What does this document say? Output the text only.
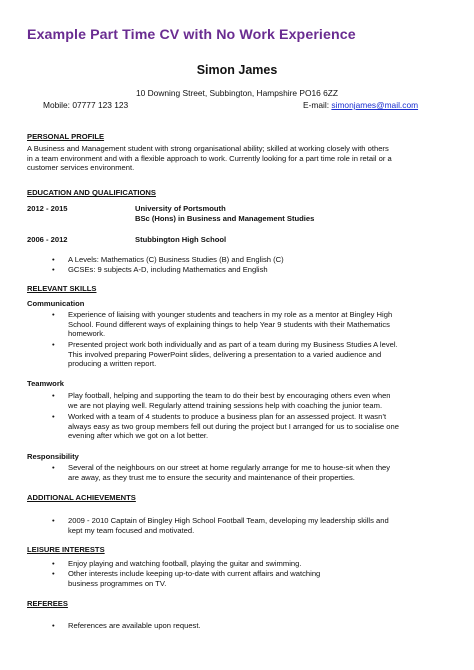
Example Part Time CV with No Work Experience
Simon James
10 Downing Street, Subbington, Hampshire PO16 6ZZ
Mobile: 07777 123 123	E-mail: simonjames@mail.com
PERSONAL PROFILE
A Business and Management student with strong organisational ability; skilled at working closely with others
in a team environment and with a flexible approach to work. Currently looking for a part time role in retail or a
customer services environment.
EDUCATION AND QUALIFICATIONS
2012 - 2015	University of Portsmouth
BSc (Hons) in Business and Management Studies
2006 - 2012	Stubbington High School
• A Levels: Mathematics (C) Business Studies (B) and English (C)
• GCSEs: 9 subjects A-D, including Mathematics and English
RELEVANT SKILLS
Communication
• Experience of liaising with younger students and teachers in my role as a mentor at Bingley High
School. Found different ways of explaining things to help Year 9 students with their Mathematics
homework.
• Presented project work both individually and as part of a team during my Business Studies A level.
This involved preparing PowerPoint slides, delivering a presentation to a varied audience and
producing a written report.
Teamwork
• Play football, helping and supporting the team to do their best by encouraging others even when
we are not playing well. Regularly attend training sessions help with coaching the junior team.
• Worked with a team of 4 students to produce a business plan for an assessed project. It wasn’t
always easy as two group members fell out during the project but I arranged for us to socialise one
evening after which we got on a lot better.
Responsibility
• Several of the neighbours on our street at home regularly arrange for me to house-sit when they
are away, as they trust me to ensure the security and maintenance of their properties.
ADDITIONAL ACHIEVEMENTS
• 2009 - 2010 Captain of Bingley High School Football Team, developing my leadership skills and
kept my team focused and motivated.
LEISURE INTERESTS
• Enjoy playing and watching football, playing the guitar and swimming.
• Other interests include keeping up-to-date with current affairs and watching
business programmes on TV.
REFEREES
• References are available upon request.
